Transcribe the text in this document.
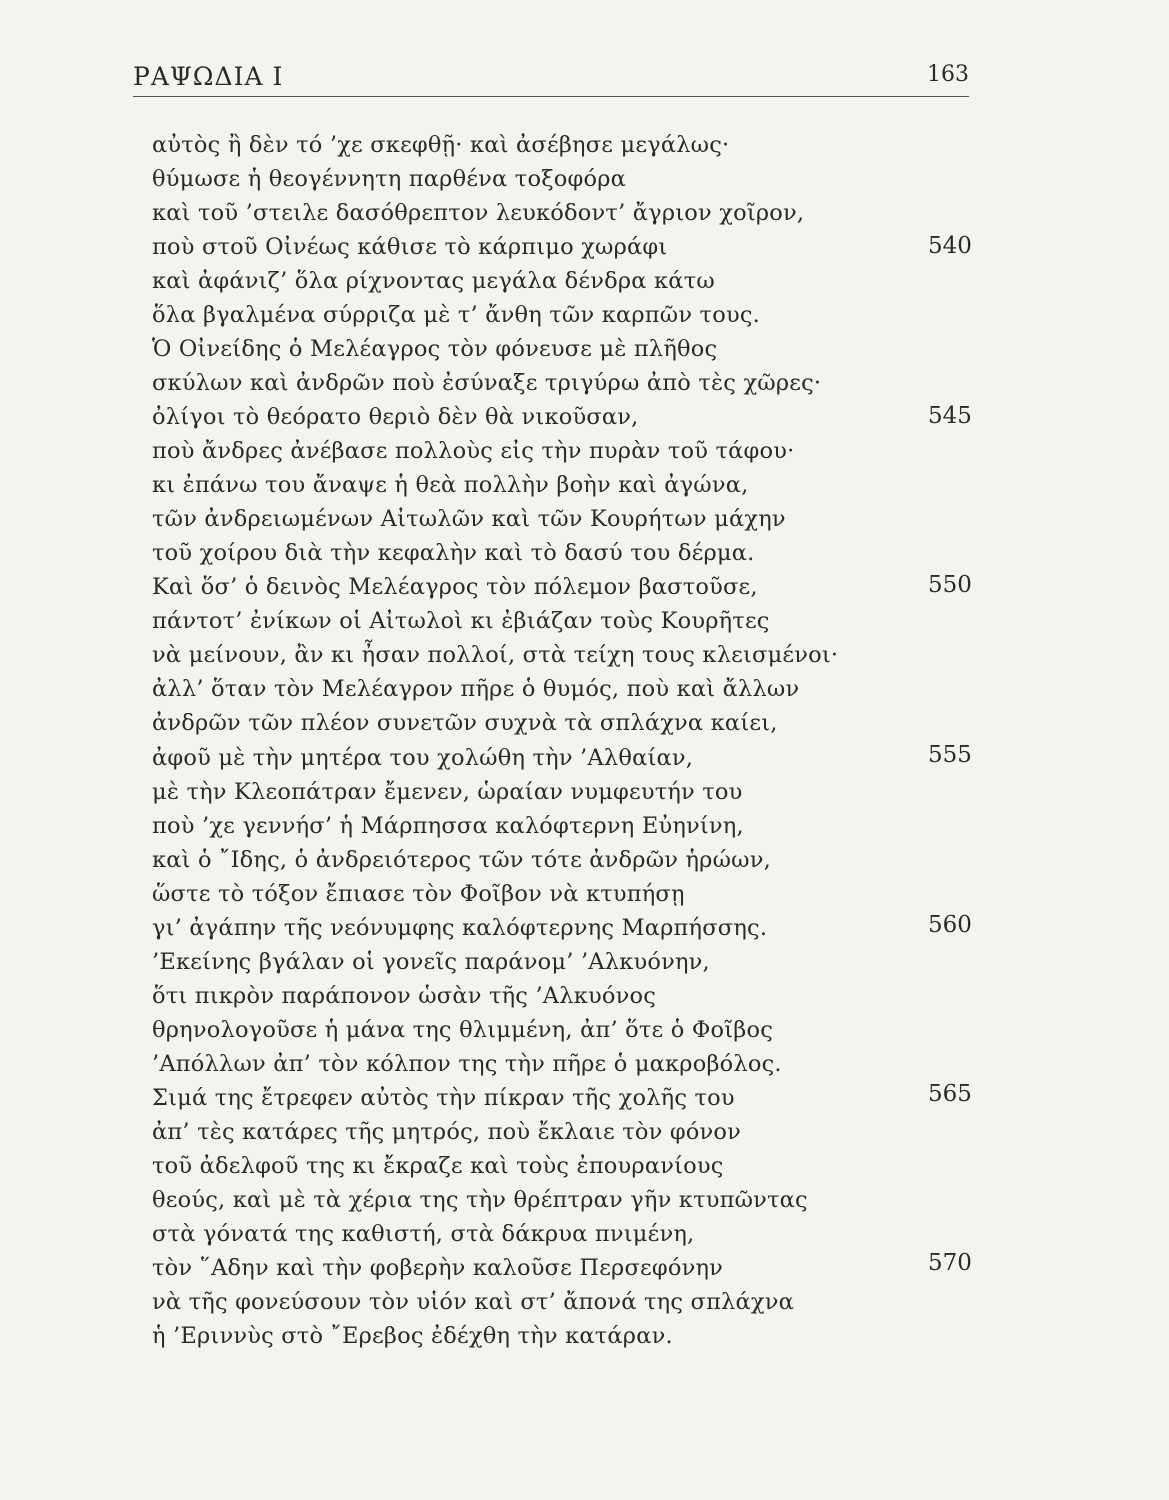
ΡΑΨΩΔΙΑ Ι	163
αὐτὸς ἢ δὲν τό ’χε σκεφθῇ· καὶ ἀσέβησε μεγάλως·
θύμωσε ἡ θεογέννητη παρθένα τοξοφόρα
καὶ τοῦ ’στειλε δασόθρεπτον λευκόδοντ’ ἄγριον χοῖρον,
ποὺ στοῦ Οἰνέως κάθισε τὸ κάρπιμο χωράφι
καὶ ἀφάνιζ’ ὅλα ρίχνοντας μεγάλα δένδρα κάτω
ὅλα βγαλμένα σύρριζα μὲ τ’ ἄνθη τῶν καρπῶν τους.
Ὁ Οἰνείδης ὁ Μελέαγρος τὸν φόνευσε μὲ πλῆθος
σκύλων καὶ ἀνδρῶν ποὺ ἐσύναξε τριγύρω ἀπὸ τὲς χῶρες·
ὀλίγοι τὸ θεόρατο θεριὸ δὲν θὰ νικοῦσαν,
ποὺ ἄνδρες ἀνέβασε πολλοὺς εἰς τὴν πυρὰν τοῦ τάφου·
κι ἐπάνω του ἄναψε ἡ θεὰ πολλὴν βοὴν καὶ ἀγώνα,
τῶν ἀνδρειωμένων Αἰτωλῶν καὶ τῶν Κουρήτων μάχην
τοῦ χοίρου διὰ τὴν κεφαλὴν καὶ τὸ δασύ του δέρμα.
Καὶ ὅσ’ ὁ δεινὸς Μελέαγρος τὸν πόλεμον βαστοῦσε,
πάντοτ’ ἐνίκων οἱ Αἰτωλοὶ κι ἐβιάζαν τοὺς Κουρῆτες
νὰ μείνουν, ἂν κι ἦσαν πολλοί, στὰ τείχη τους κλεισμένοι·
ἀλλ’ ὅταν τὸν Μελέαγρον πῆρε ὁ θυμός, ποὺ καὶ ἄλλων
ἀνδρῶν τῶν πλέον συνετῶν συχνὰ τὰ σπλάχνα καίει,
ἀφοῦ μὲ τὴν μητέρα του χολώθη τὴν ’Αλθαίαν,
μὲ τὴν Κλεοπάτραν ἔμενεν, ὡραίαν νυμφευτήν του
ποὺ ’χε γεννήσ’ ἡ Μάρπησσα καλόφτερνη Εὐηνίνη,
καὶ ὁ ῎Ιδης, ὁ ἀνδρειότερος τῶν τότε ἀνδρῶν ἡρώων,
ὥστε τὸ τόξον ἔπιασε τὸν Φοῖβον νὰ κτυπήσῃ
γι’ ἀγάπην τῆς νεόνυμφης καλόφτερνης Μαρπήσσης.
’Εκείνης βγάλαν οἱ γονεῖς παράνομ’ ’Αλκυόνην,
ὅτι πικρὸν παράπονον ὡσὰν τῆς ’Αλκυόνος
θρηνολογοῦσε ἡ μάνα της θλιμμένη, ἀπ’ ὅτε ὁ Φοῖβος
’Απόλλων ἀπ’ τὸν κόλπον της τὴν πῆρε ὁ μακροβόλος.
Σιμά της ἔτρεφεν αὐτὸς τὴν πίκραν τῆς χολῆς του
ἀπ’ τὲς κατάρες τῆς μητρός, ποὺ ἔκλαιε τὸν φόνον
τοῦ ἀδελφοῦ της κι ἔκραζε καὶ τοὺς ἐπουρανίους
θεούς, καὶ μὲ τὰ χέρια της τὴν θρέπτραν γῆν κτυπῶντας
στὰ γόνατά της καθιστή, στὰ δάκρυα πνιμένη,
τὸν ῞Αδην καὶ τὴν φοβερὴν καλοῦσε Περσεφόνην
νὰ τῆς φονεύσουν τὸν υἱόν καὶ στ’ ἄπονά της σπλάχνα
ἡ ’Εριννὺς στὸ ῎Ερεβος ἐδέχθη τὴν κατάραν.
540
545
550
555
560
565
570
